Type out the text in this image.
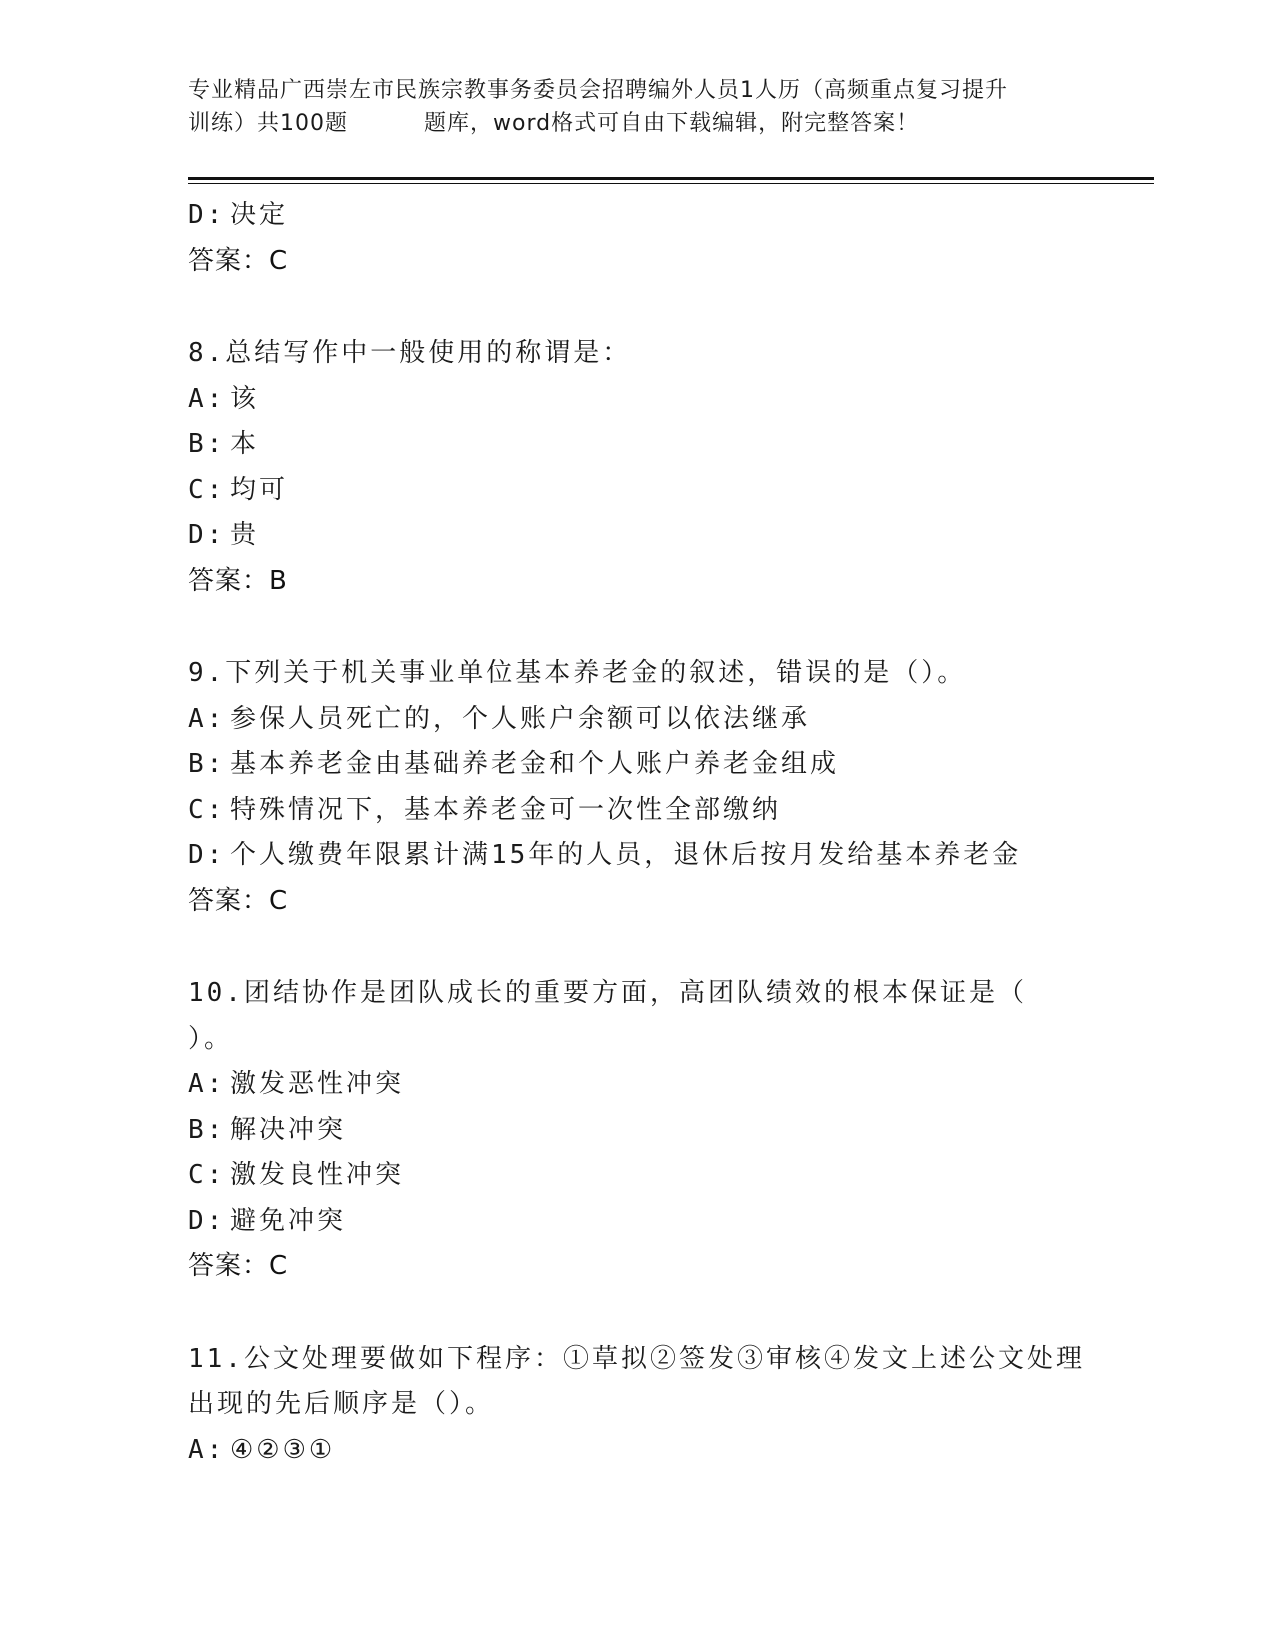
专业精品广西崇左市民族宗教事务委员会招聘编外人员1人历（高频重点复习提升
训练）共100题	题库，word格式可自由下载编辑，附完整答案！
D: 决定
答案：C
8.总结写作中一般使用的称谓是：
A: 该
B: 本
C: 均可
D: 贵
答案：B
9.下列关于机关事业单位基本养老金的叙述，错误的是（）。
A: 参保人员死亡的，个人账户余额可以依法继承
B: 基本养老金由基础养老金和个人账户养老金组成
C: 特殊情况下，基本养老金可一次性全部缴纳
D: 个人缴费年限累计满15年的人员，退休后按月发给基本养老金
答案：C
10.团结协作是团队成长的重要方面，高团队绩效的根本保证是（
）。
A: 激发恶性冲突
B: 解决冲突
C: 激发良性冲突
D: 避免冲突
答案：C
11.公文处理要做如下程序：①草拟②签发③审核④发文上述公文处理
出现的先后顺序是（）。
A: ④②③①
